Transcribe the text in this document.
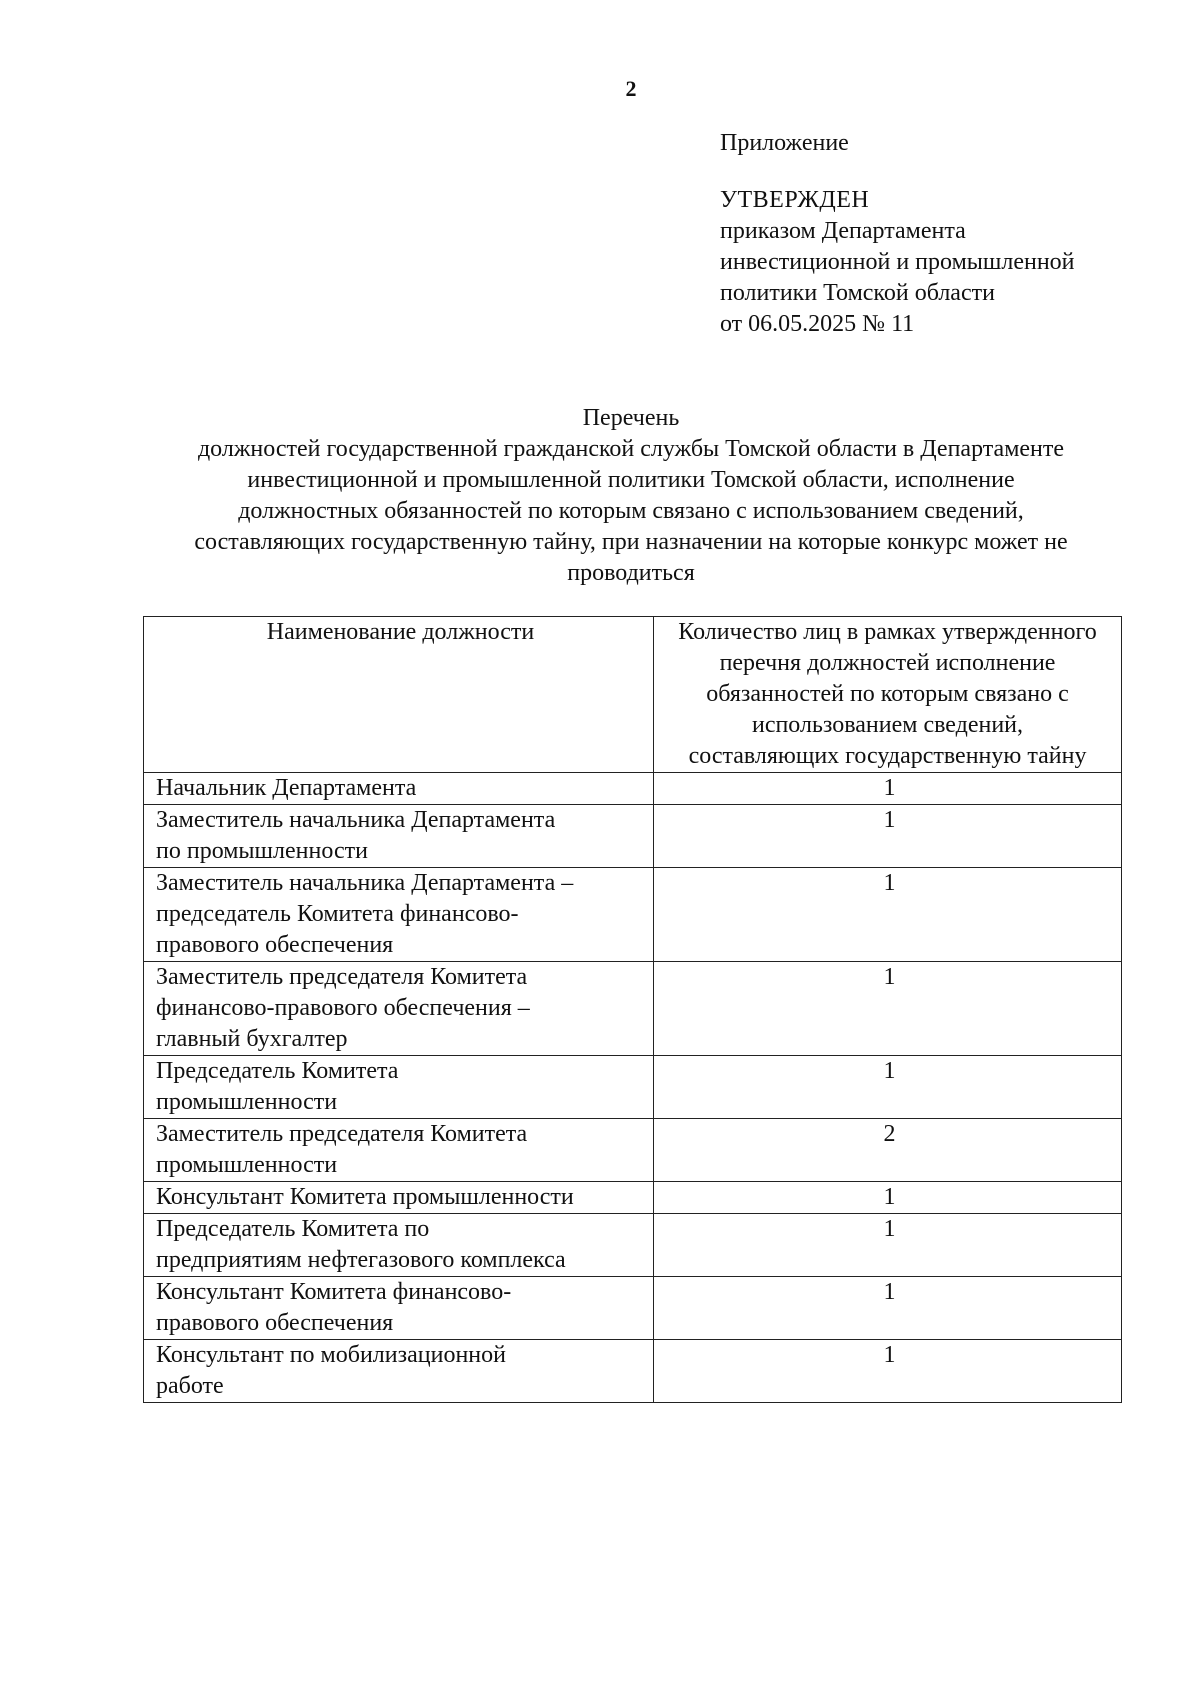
2
Приложение
УТВЕРЖДЕН
приказом Департамента
инвестиционной и промышленной
политики Томской области
от 06.05.2025 № 11
Перечень
должностей государственной гражданской службы Томской области в Департаменте
инвестиционной и промышленной политики Томской области, исполнение
должностных обязанностей по которым связано с использованием сведений,
составляющих государственную тайну, при назначении на которые конкурс может не
проводиться
Наименование должности	Количество лиц в рамках утвержденного
перечня должностей исполнение
обязанностей по которым связано с
использованием сведений,
составляющих государственную тайну

Начальник Департамента	1

Заместитель начальника Департамента
по промышленности	1

Заместитель начальника Департамента –
председатель Комитета финансово-
правового обеспечения	1

Заместитель председателя Комитета
финансово-правового обеспечения –
главный бухгалтер	1

Председатель Комитета
промышленности	1

Заместитель председателя Комитета
промышленности	2

Консультант Комитета промышленности	1

Председатель Комитета по
предприятиям нефтегазового комплекса	1

Консультант Комитета финансово-
правового обеспечения	1

Консультант по мобилизационной
работе	1
